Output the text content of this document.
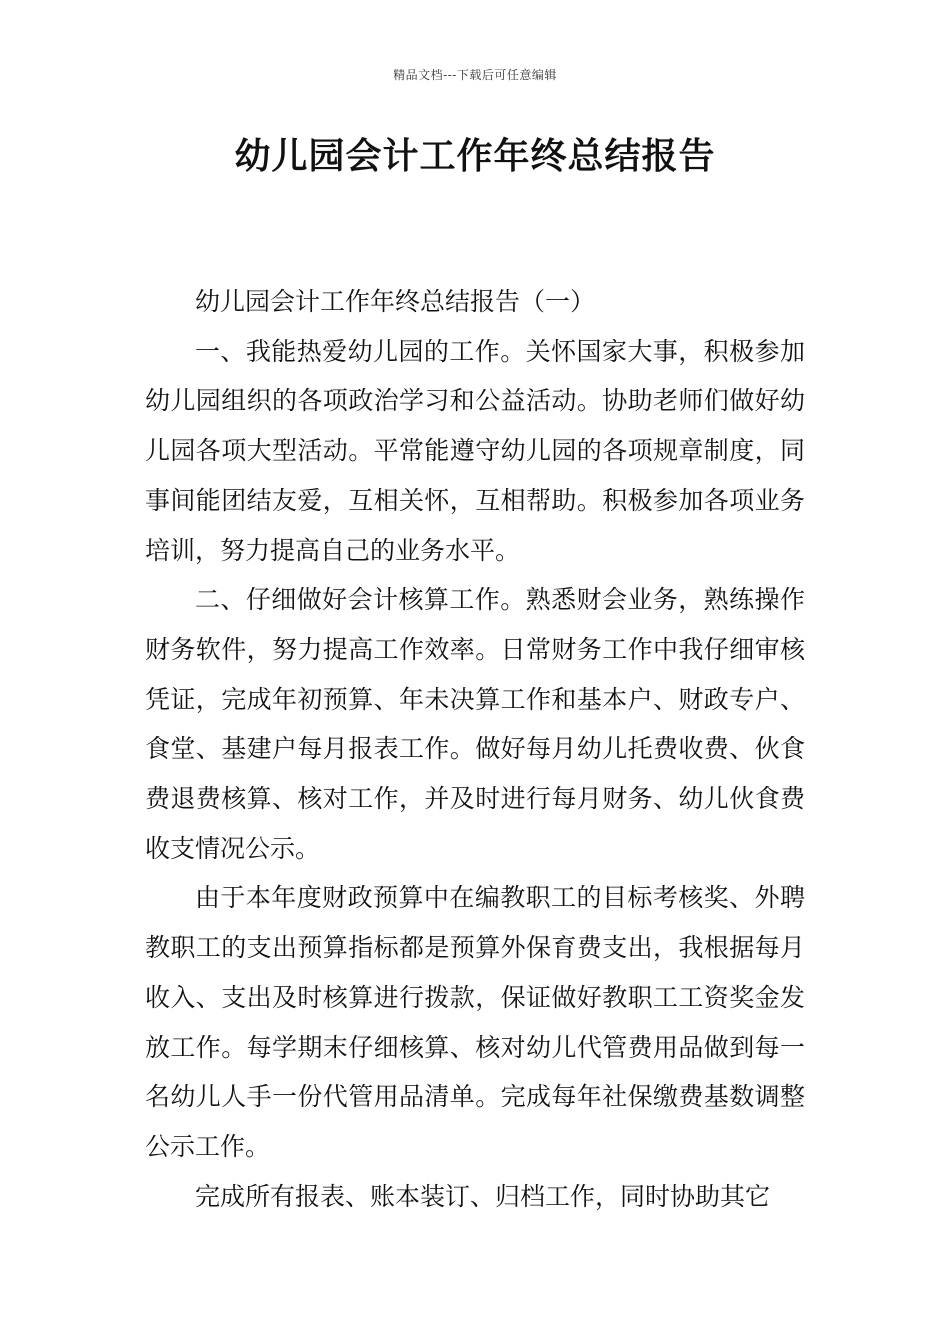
精品文档---下载后可任意编辑
幼儿园会计工作年终总结报告

幼儿园会计工作年终总结报告（一）

一、我能热爱幼儿园的工作。关怀国家大事，积极参加幼儿园组织的各项政治学习和公益活动。协助老师们做好幼儿园各项大型活动。平常能遵守幼儿园的各项规章制度，同事间能团结友爱，互相关怀，互相帮助。积极参加各项业务培训，努力提高自己的业务水平。

二、仔细做好会计核算工作。熟悉财会业务，熟练操作财务软件，努力提高工作效率。日常财务工作中我仔细审核凭证，完成年初预算、年未决算工作和基本户、财政专户、食堂、基建户每月报表工作。做好每月幼儿托费收费、伙食费退费核算、核对工作，并及时进行每月财务、幼儿伙食费收支情况公示。

由于本年度财政预算中在编教职工的目标考核奖、外聘教职工的支出预算指标都是预算外保育费支出，我根据每月收入、支出及时核算进行拨款，保证做好教职工工资奖金发放工作。每学期末仔细核算、核对幼儿代管费用品做到每一名幼儿人手一份代管用品清单。完成每年社保缴费基数调整公示工作。

完成所有报表、账本装订、归档工作，同时协助其它
